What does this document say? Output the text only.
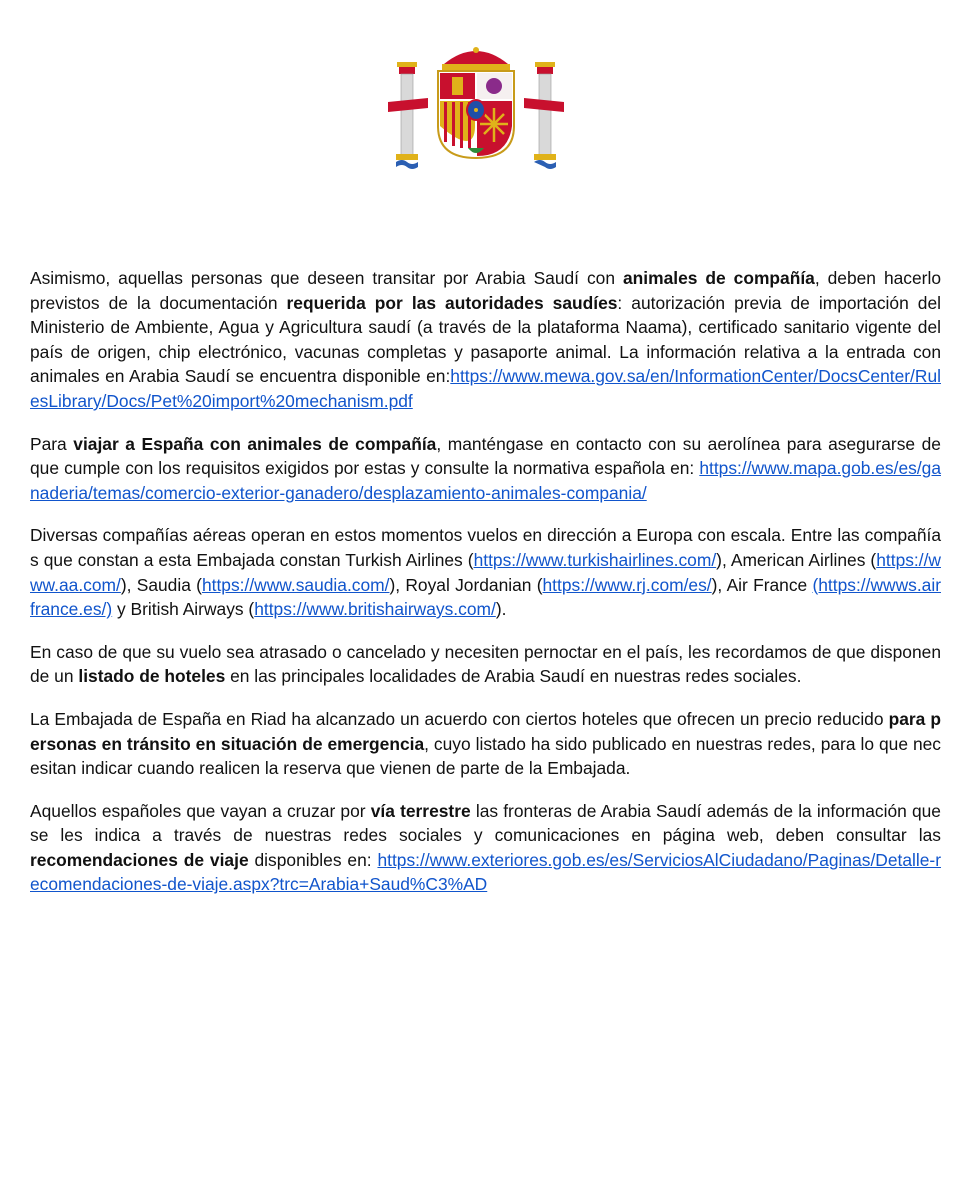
Asimismo, aquellas personas que deseen transitar por Arabia Saudí con animales de compañía, deben hacerlo previstos de la documentación requerida por las autoridades saudíes: autorización previa de importación del Ministerio de Ambiente, Agua y Agricultura saudí (a través de la plataforma Naama), certificado sanitario vigente del país de origen, chip electrónico, vacunas completas y pasaporte animal. La información relativa a la entrada con animales en Arabia Saudí se encuentra disponible en:https://www.mewa.gov.sa/en/InformationCenter/DocsCenter/RulesLibrary/Docs/Pet%20import%20mechanism.pdf

Para viajar a España con animales de compañía, manténgase en contacto con su aerolínea para asegurarse de que cumple con los requisitos exigidos por estas y consulte la normativa española en: https://www.mapa.gob.es/es/ganaderia/temas/comercio-exterior-ganadero/desplazamiento-animales-compania/

Diversas compañías aéreas operan en estos momentos vuelos en dirección a Europa con escala. Entre las compañías que constan a esta Embajada constan Turkish Airlines (https://www.turkishairlines.com/), American Airlines (https://www.aa.com/), Saudia (https://www.saudia.com/), Royal Jordanian (https://www.rj.com/es/), Air France (https://wwws.airfrance.es/) y British Airways (https://www.britishairways.com/).

En caso de que su vuelo sea atrasado o cancelado y necesiten pernoctar en el país, les recordamos de que disponen de un listado de hoteles en las principales localidades de Arabia Saudí en nuestras redes sociales.

La Embajada de España en Riad ha alcanzado un acuerdo con ciertos hoteles que ofrecen un precio reducido para personas en tránsito en situación de emergencia, cuyo listado ha sido publicado en nuestras redes, para lo que necesitan indicar cuando realicen la reserva que vienen de parte de la Embajada.

Aquellos españoles que vayan a cruzar por vía terrestre las fronteras de Arabia Saudí además de la información que se les indica a través de nuestras redes sociales y comunicaciones en página web, deben consultar las recomendaciones de viaje disponibles en: https://www.exteriores.gob.es/es/ServiciosAlCiudadano/Paginas/Detalle-recomendaciones-de-viaje.aspx?trc=Arabia+Saud%C3%AD
